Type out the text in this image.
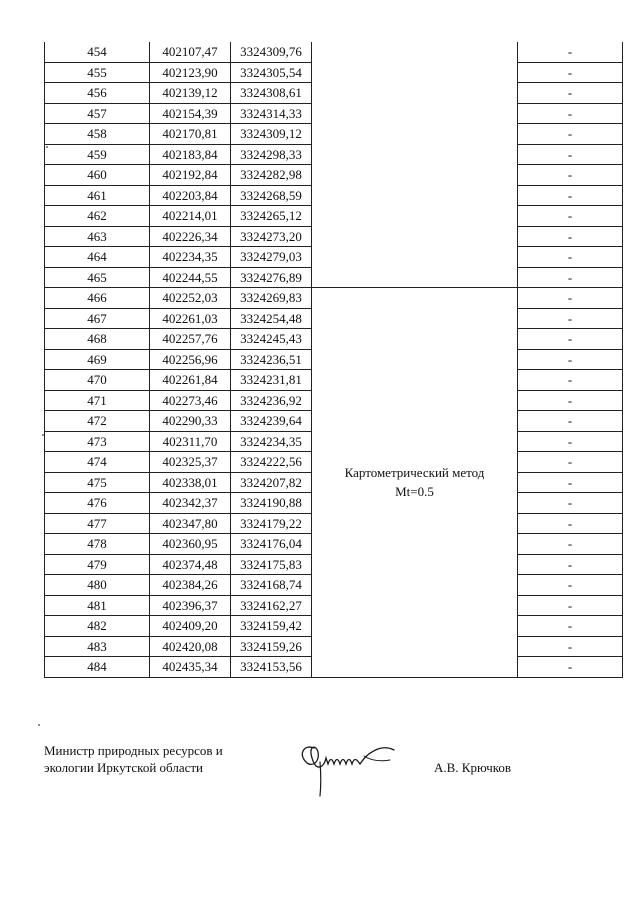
454	402107,47	3324309,76		-
455	402123,90	3324305,54		-
456	402139,12	3324308,61		-
457	402154,39	3324314,33		-
458	402170,81	3324309,12		-
459	402183,84	3324298,33		-
460	402192,84	3324282,98		-
461	402203,84	3324268,59		-
462	402214,01	3324265,12		-
463	402226,34	3324273,20		-
464	402234,35	3324279,03		-
465	402244,55	3324276,89		-
466	402252,03	3324269,83	Картометрический метод
Mt=0.5	-
467	402261,03	3324254,48		-
468	402257,76	3324245,43		-
469	402256,96	3324236,51		-
470	402261,84	3324231,81		-
471	402273,46	3324236,92		-
472	402290,33	3324239,64		-
473	402311,70	3324234,35		-
474	402325,37	3324222,56		-
475	402338,01	3324207,82		-
476	402342,37	3324190,88		-
477	402347,80	3324179,22		-
478	402360,95	3324176,04		-
479	402374,48	3324175,83		-
480	402384,26	3324168,74		-
481	402396,37	3324162,27		-
482	402409,20	3324159,42		-
483	402420,08	3324159,26		-
484	402435,34	3324153,56		-
Министр природных ресурсов и
экологии Иркутской области	А.В. Крючков
